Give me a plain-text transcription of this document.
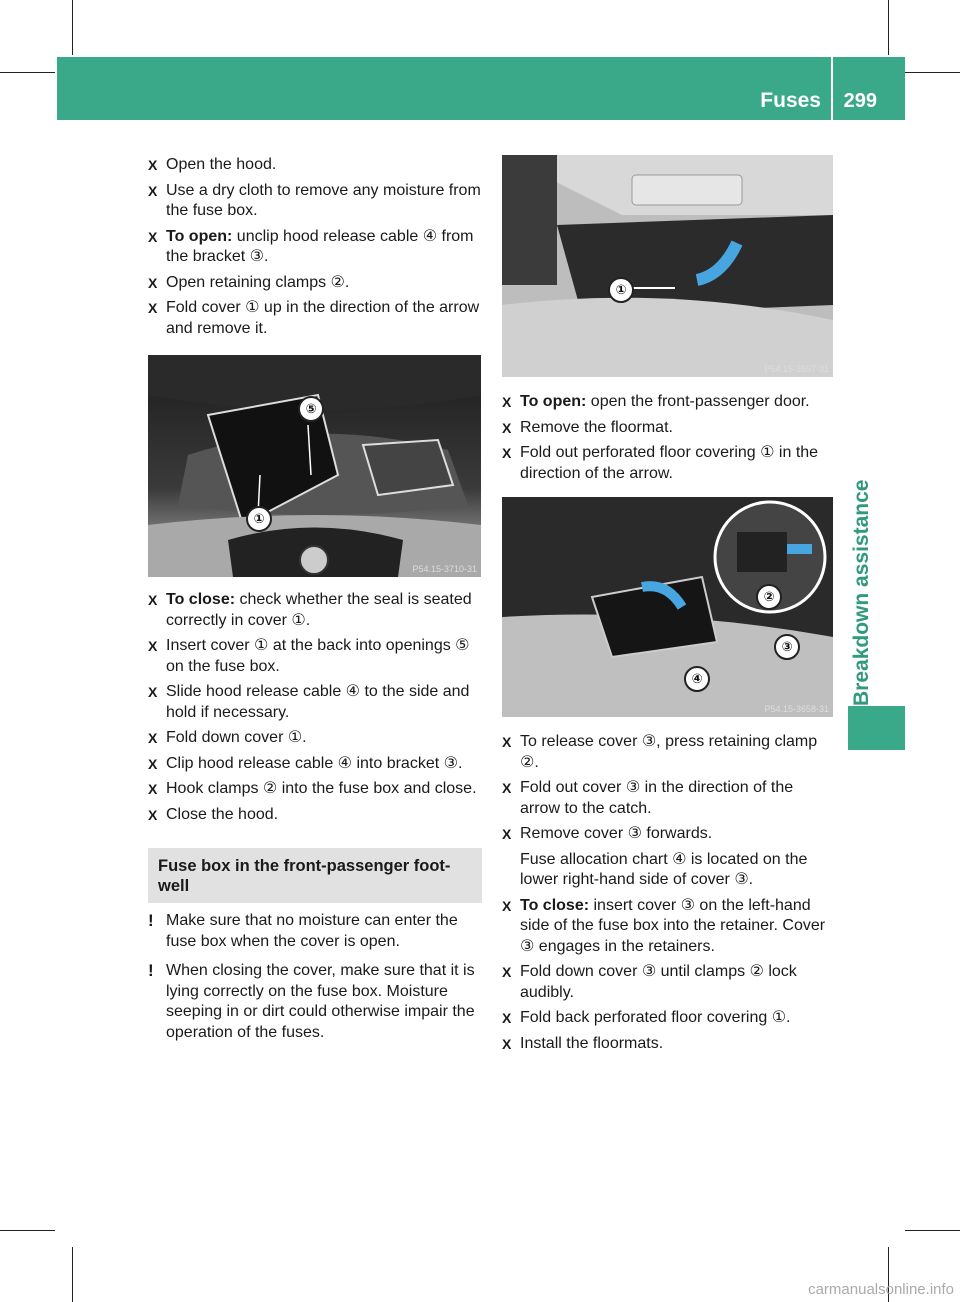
Fuses 299
Breakdown assistance
X Open the hood.
X Use a dry cloth to remove any moisture from the fuse box.
X To open: unclip hood release cable ④ from the bracket ③.
X Open retaining clamps ②.
X Fold cover ① up in the direction of the arrow and remove it.
⑤
①
P54.15-3710-31
X To close: check whether the seal is seated correctly in cover ①.
X Insert cover ① at the back into openings ⑤ on the fuse box.
X Slide hood release cable ④ to the side and hold if necessary.
X Fold down cover ①.
X Clip hood release cable ④ into bracket ③.
X Hook clamps ② into the fuse box and close.
X Close the hood.
Fuse box in the front-passenger foot-well
! Make sure that no moisture can enter the fuse box when the cover is open.
! When closing the cover, make sure that it is lying correctly on the fuse box. Moisture seeping in or dirt could otherwise impair the operation of the fuses.
①
P54.15-3657-31
X To open: open the front-passenger door.
X Remove the floormat.
X Fold out perforated floor covering ① in the direction of the arrow.
②
③
④
P54.15-3658-31
X To release cover ③, press retaining clamp ②.
X Fold out cover ③ in the direction of the arrow to the catch.
X Remove cover ③ forwards.
Fuse allocation chart ④ is located on the lower right-hand side of cover ③.
X To close: insert cover ③ on the left-hand side of the fuse box into the retainer. Cover ③ engages in the retainers.
X Fold down cover ③ until clamps ② lock audibly.
X Fold back perforated floor covering ①.
X Install the floormats.
carmanualsonline.info
